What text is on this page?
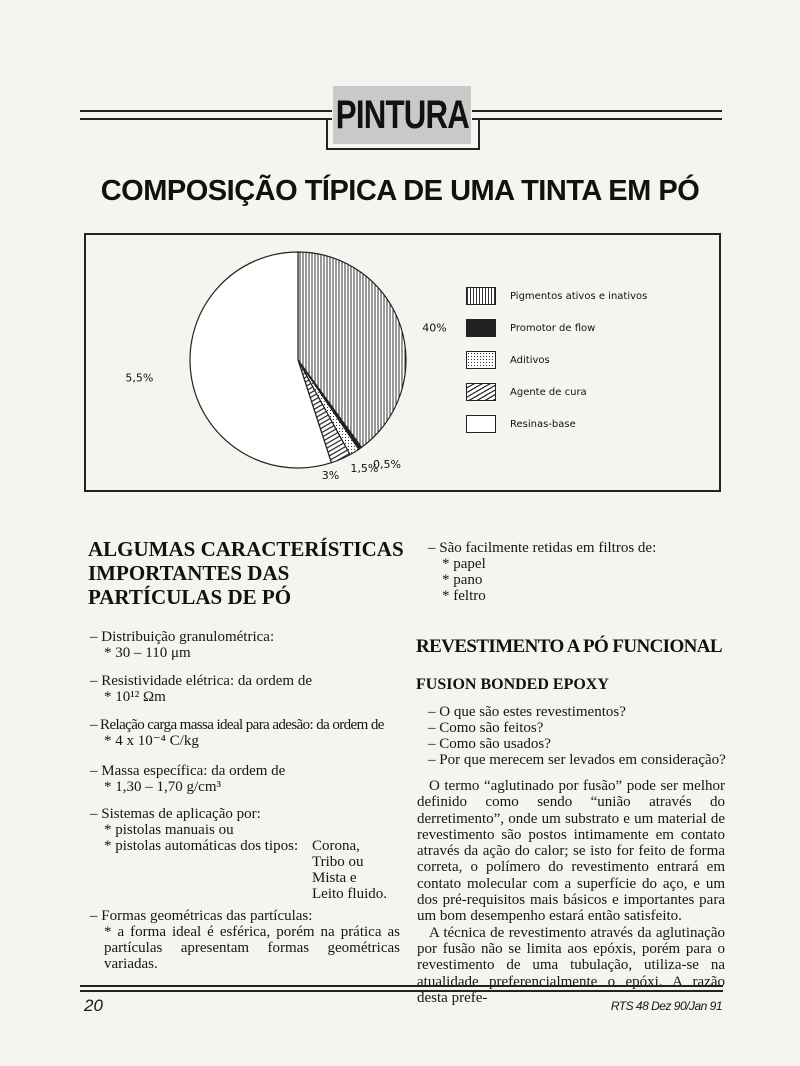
PINTURA
COMPOSIÇÃO TÍPICA DE UMA TINTA EM PÓ
40%
0,5%
1,5%
3%
5,5%
Pigmentos ativos e inativos
Promotor de flow
Aditivos
Agente de cura
Resinas-base
ALGUMAS CARACTERÍSTICAS
IMPORTANTES DAS
PARTÍCULAS DE PÓ
– Distribuição granulométrica:
* 30 – 110 μm
– Resistividade elétrica: da ordem de
* 10¹² Ωm
– Relação carga massa ideal para adesão: da ordem de
* 4 x 10⁻⁴ C/kg
– Massa específica: da ordem de
* 1,30 – 1,70 g/cm³
– Sistemas de aplicação por:
* pistolas manuais ou
* pistolas automáticas dos tipos: Corona,
Tribo ou
Mista e
Leito fluido.
– Formas geométricas das partículas:
* a forma ideal é esférica, porém na prática as partículas apresentam formas geométricas variadas.
– São facilmente retidas em filtros de:
* papel
* pano
* feltro
REVESTIMENTO A PÓ FUNCIONAL
FUSION BONDED EPOXY
– O que são estes revestimentos?
– Como são feitos?
– Como são usados?
– Por que merecem ser levados em consideração?

O termo “aglutinado por fusão” pode ser melhor definido como sendo “união através do derretimento”, onde um substrato e um material de revestimento são postos intimamente em contato através da ação do calor; se isto for feito de forma correta, o polímero do revestimento entrará em contato molecular com a superfície do aço, e um dos pré-requisitos mais básicos e importantes para um bom desempenho estará então satisfeito.

A técnica de revestimento através da aglutinação por fusão não se limita aos epóxis, porém para o revestimento de uma tubulação, utiliza-se na atualidade preferencialmente o epóxi. A razão desta prefe-

20	RTS 48 Dez 90/Jan 91
